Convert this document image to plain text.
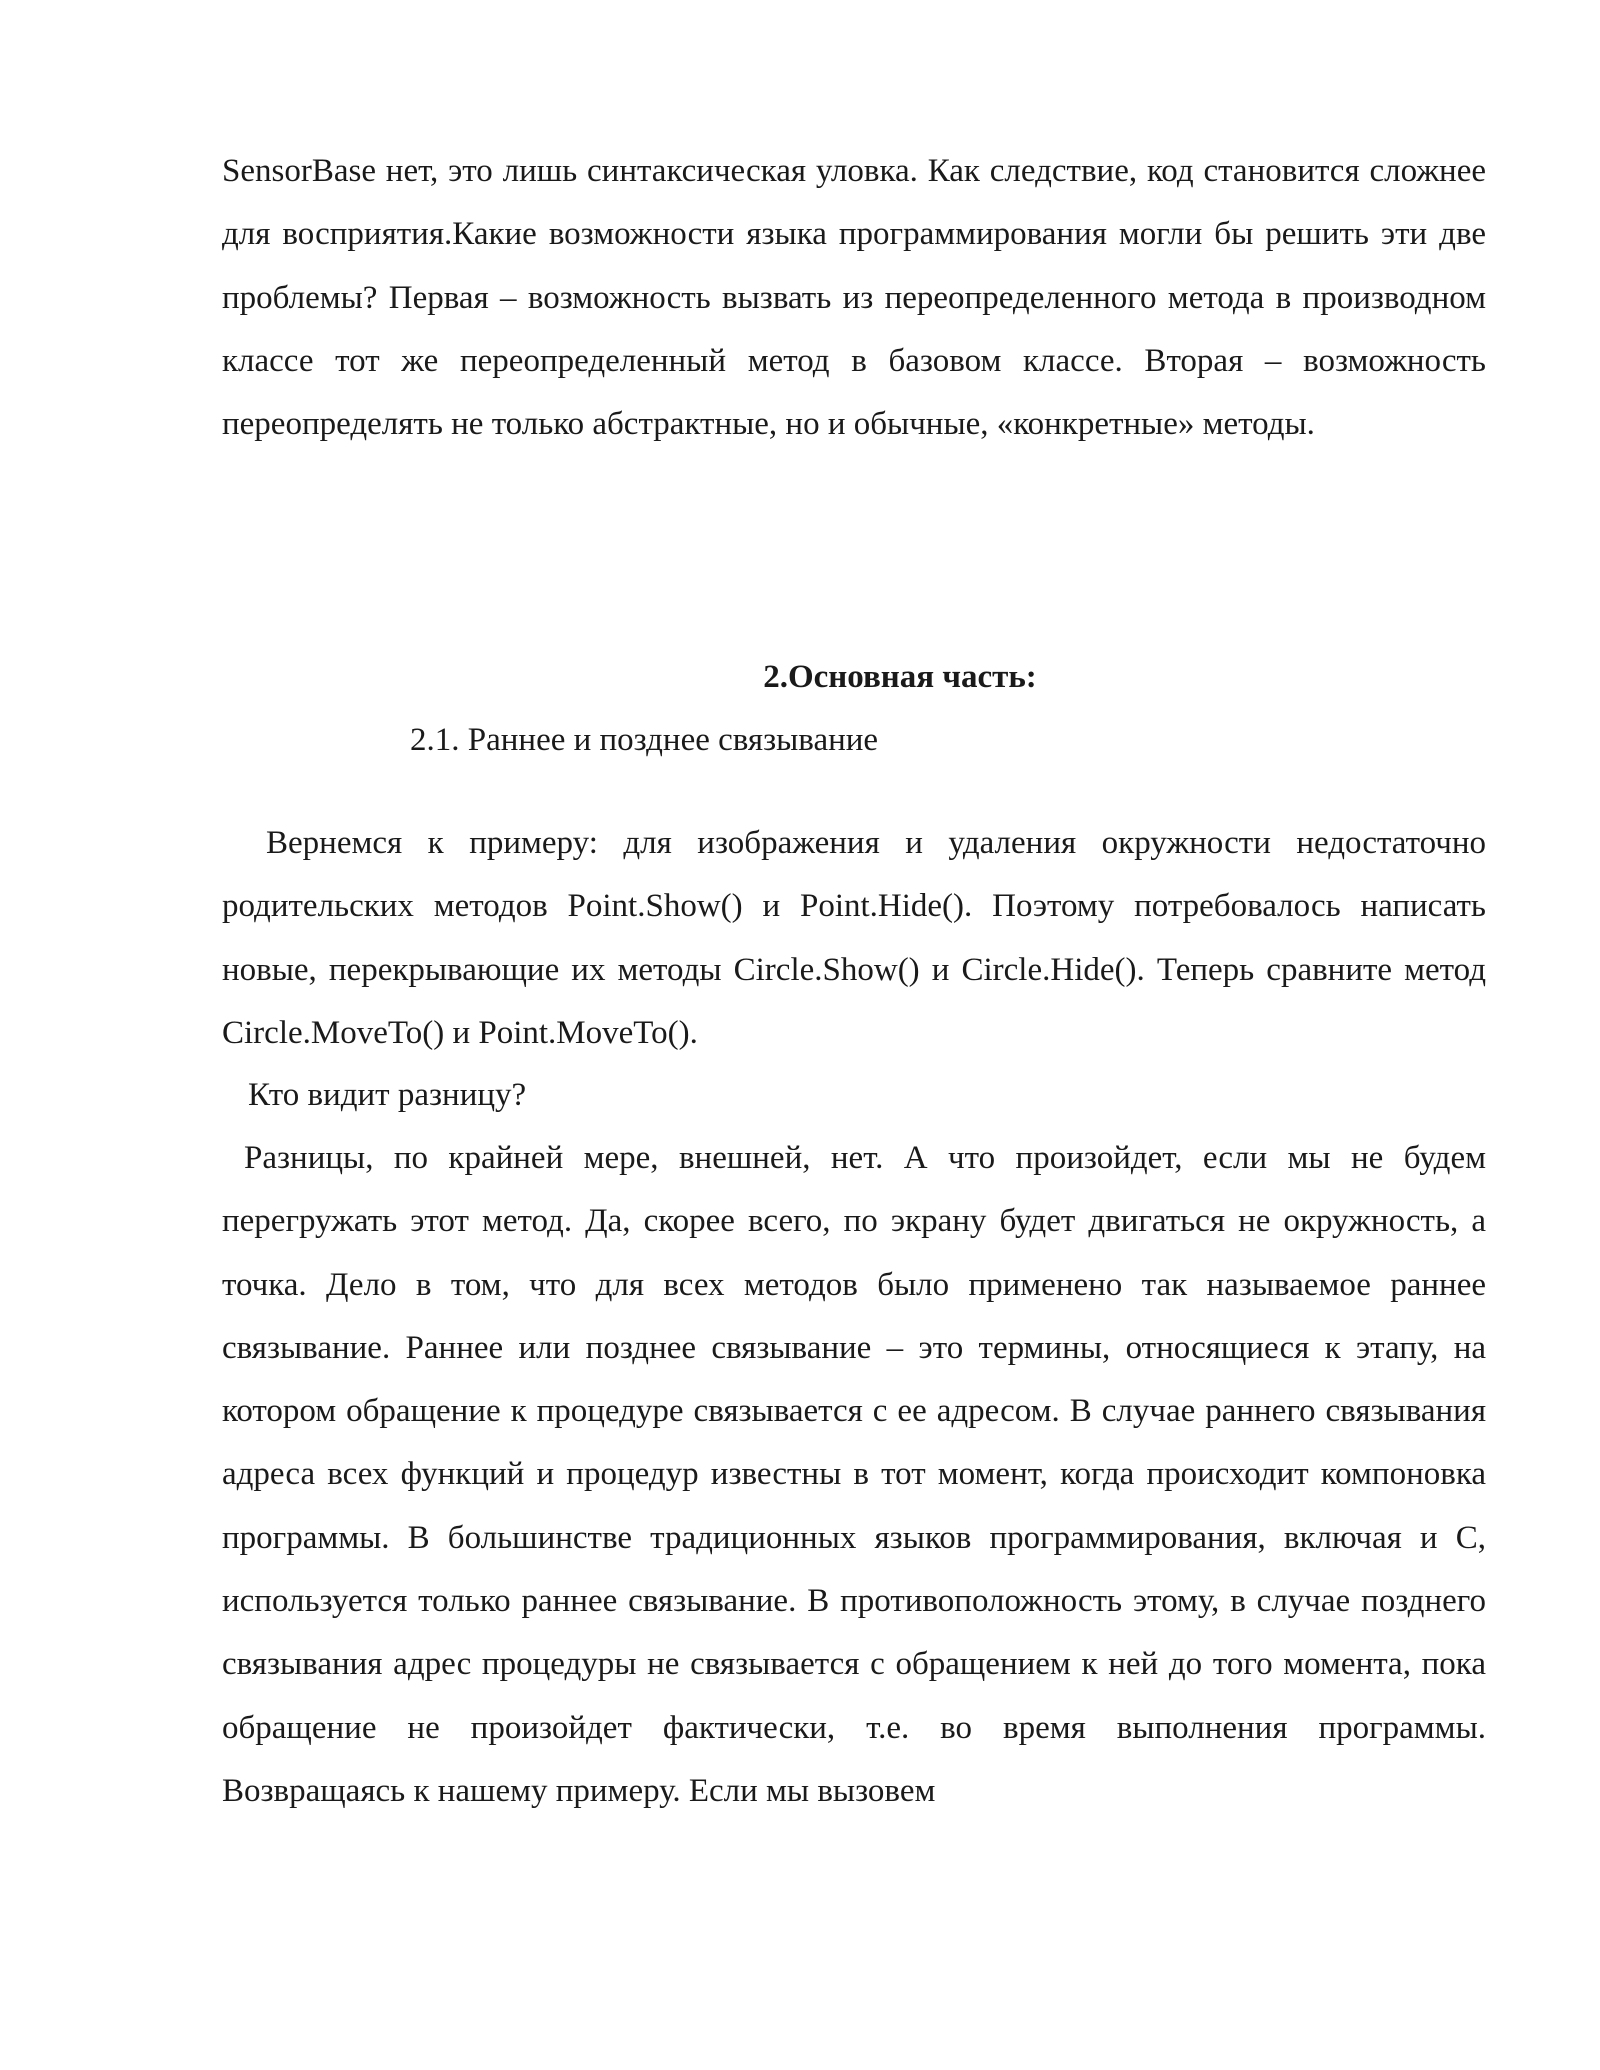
SensorBase нет, это лишь синтаксическая уловка. Как следствие, код становится сложнее для восприятия.Какие возможности языка программирования могли бы решить эти две проблемы? Первая – возможность вызвать из переопределенного метода в производном классе тот же переопределенный метод в базовом классе. Вторая – возможность переопределять не только абстрактные, но и обычные, «конкретные» методы.

2.Основная часть:
2.1. Раннее и позднее связывание

Вернемся к примеру: для изображения и удаления окружности недостаточно родительских методов Point.Show() и Point.Hide(). Поэтому потребовалось написать новые, перекрывающие их методы Circle.Show() и Circle.Hide(). Теперь сравните метод Circle.MoveTo() и Point.MoveTo().

Кто видит разницу?

Разницы, по крайней мере, внешней, нет. А что произойдет, если мы не будем перегружать этот метод. Да, скорее всего, по экрану будет двигаться не окружность, а точка. Дело в том, что для всех методов было применено так называемое раннее связывание. Раннее или позднее связывание – это термины, относящиеся к этапу, на котором обращение к процедуре связывается с ее адресом. В случае раннего связывания адреса всех функций и процедур известны в тот момент, когда происходит компоновка программы. В большинстве традиционных языков программирования, включая и С, используется только раннее связывание. В противоположность этому, в случае позднего связывания адрес процедуры не связывается с обращением к ней до того момента, пока обращение не произойдет фактически, т.е. во время выполнения программы. Возвращаясь к нашему примеру. Если мы вызовем
